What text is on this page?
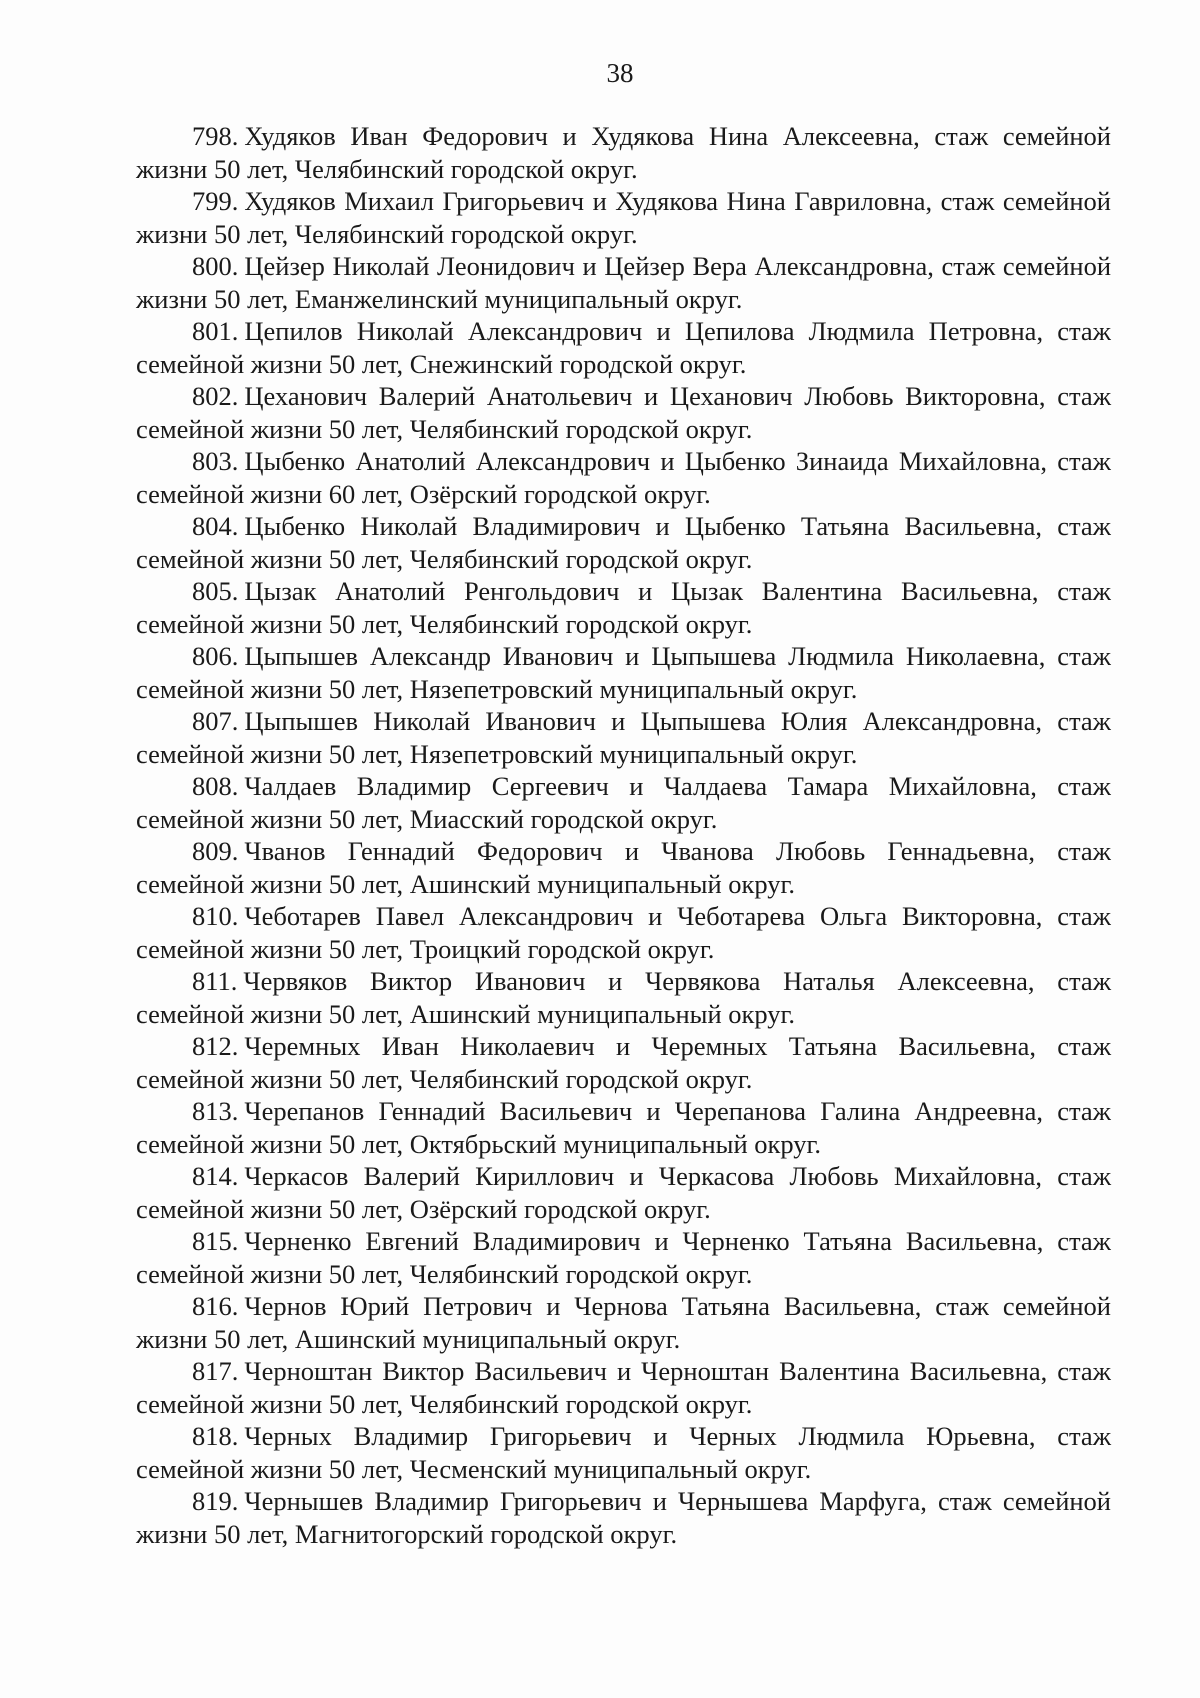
38

798. Худяков Иван Федорович и Худякова Нина Алексеевна, стаж семейной жизни 50 лет, Челябинский городской округ.

799. Худяков Михаил Григорьевич и Худякова Нина Гавриловна, стаж семейной жизни 50 лет, Челябинский городской округ.

800. Цейзер Николай Леонидович и Цейзер Вера Александровна, стаж семейной жизни 50 лет, Еманжелинский муниципальный округ.

801. Цепилов Николай Александрович и Цепилова Людмила Петровна, стаж семейной жизни 50 лет, Снежинский городской округ.

802. Цеханович Валерий Анатольевич и Цеханович Любовь Викторовна, стаж семейной жизни 50 лет, Челябинский городской округ.

803. Цыбенко Анатолий Александрович и Цыбенко Зинаида Михайловна, стаж семейной жизни 60 лет, Озёрский городской округ.

804. Цыбенко Николай Владимирович и Цыбенко Татьяна Васильевна, стаж семейной жизни 50 лет, Челябинский городской округ.

805. Цызак Анатолий Ренгольдович и Цызак Валентина Васильевна, стаж семейной жизни 50 лет, Челябинский городской округ.

806. Цыпышев Александр Иванович и Цыпышева Людмила Николаевна, стаж семейной жизни 50 лет, Нязепетровский муниципальный округ.

807. Цыпышев Николай Иванович и Цыпышева Юлия Александровна, стаж семейной жизни 50 лет, Нязепетровский муниципальный округ.

808. Чалдаев Владимир Сергеевич и Чалдаева Тамара Михайловна, стаж семейной жизни 50 лет, Миасский городской округ.

809. Чванов Геннадий Федорович и Чванова Любовь Геннадьевна, стаж семейной жизни 50 лет, Ашинский муниципальный округ.

810. Чеботарев Павел Александрович и Чеботарева Ольга Викторовна, стаж семейной жизни 50 лет, Троицкий городской округ.

811. Червяков Виктор Иванович и Червякова Наталья Алексеевна, стаж семейной жизни 50 лет, Ашинский муниципальный округ.

812. Черемных Иван Николаевич и Черемных Татьяна Васильевна, стаж семейной жизни 50 лет, Челябинский городской округ.

813. Черепанов Геннадий Васильевич и Черепанова Галина Андреевна, стаж семейной жизни 50 лет, Октябрьский муниципальный округ.

814. Черкасов Валерий Кириллович и Черкасова Любовь Михайловна, стаж семейной жизни 50 лет, Озёрский городской округ.

815. Черненко Евгений Владимирович и Черненко Татьяна Васильевна, стаж семейной жизни 50 лет, Челябинский городской округ.

816. Чернов Юрий Петрович и Чернова Татьяна Васильевна, стаж семейной жизни 50 лет, Ашинский муниципальный округ.

817. Черноштан Виктор Васильевич и Черноштан Валентина Васильевна, стаж семейной жизни 50 лет, Челябинский городской округ.

818. Черных Владимир Григорьевич и Черных Людмила Юрьевна, стаж семейной жизни 50 лет, Чесменский муниципальный округ.

819. Чернышев Владимир Григорьевич и Чернышева Марфуга, стаж семейной жизни 50 лет, Магнитогорский городской округ.
